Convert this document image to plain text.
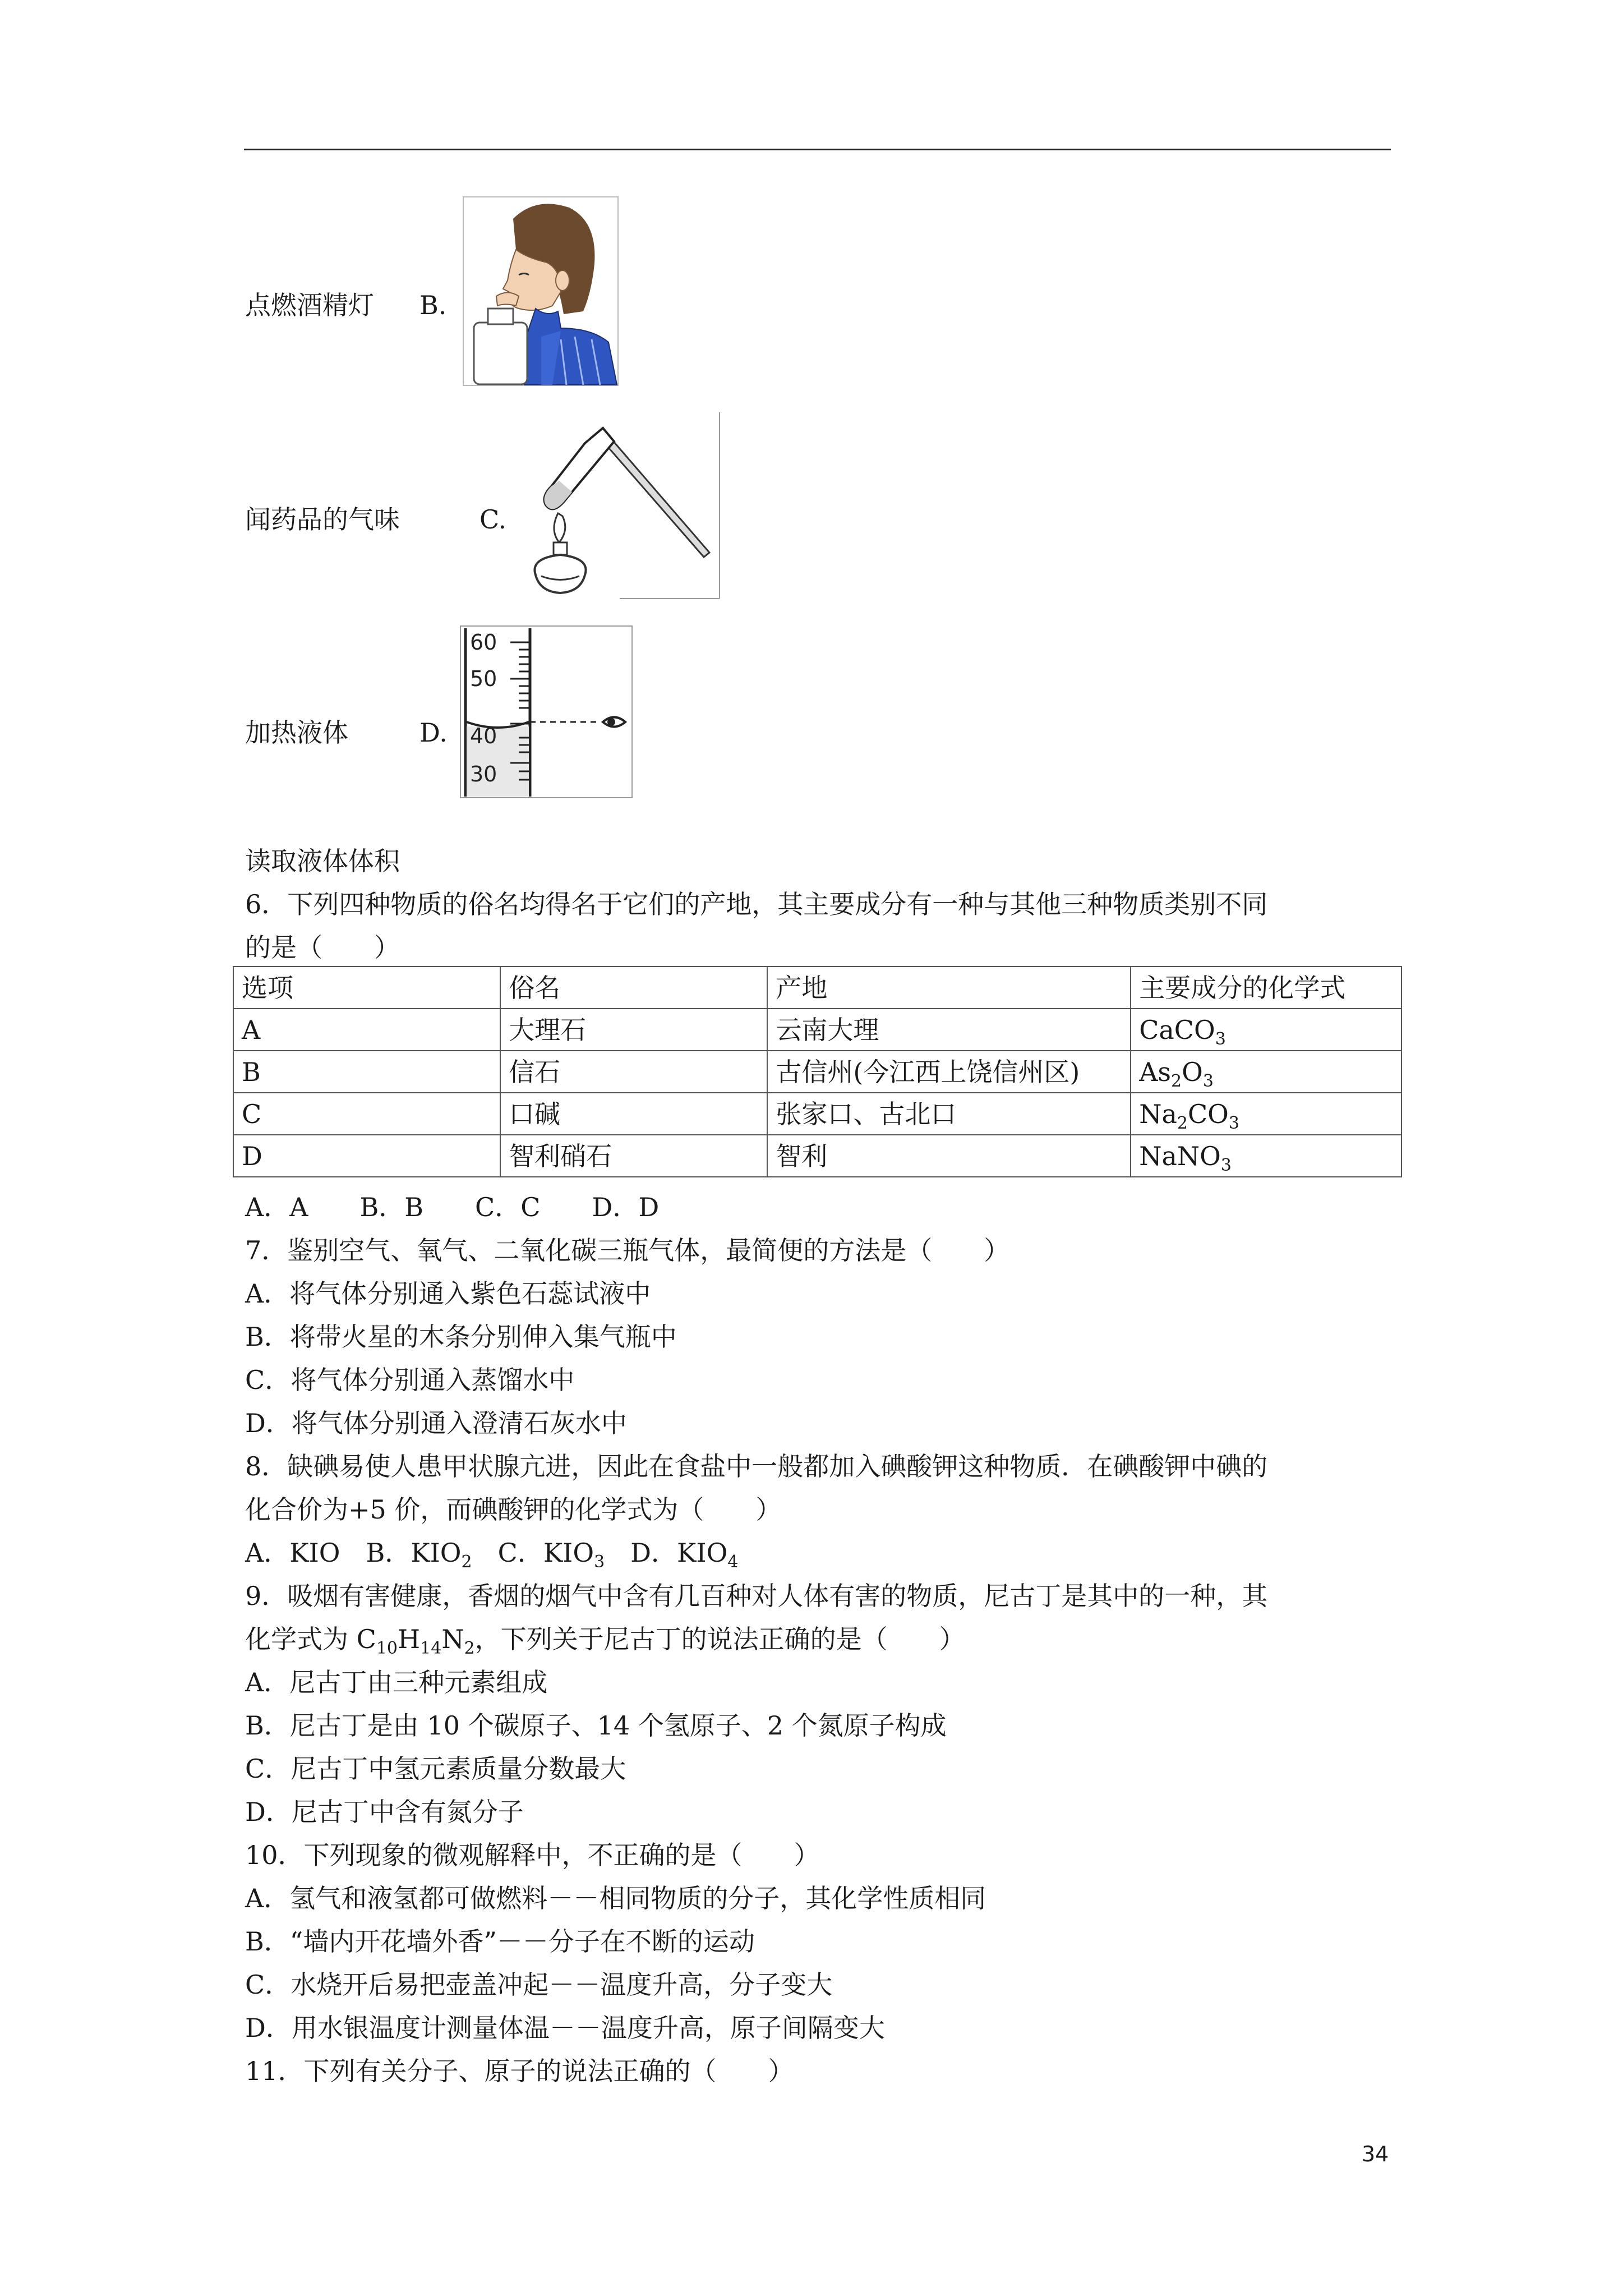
点燃酒精灯 B.
闻药品的气味	C.
加热液体	D.
60
50
40
30
读取液体体积
6．下列四种物质的俗名均得名于它们的产地，其主要成分有一种与其他三种物质类别不同
的是（　　）
选项	俗名	产地	主要成分的化学式
A	大理石	云南大理	CaCO$_3$
B	信石	古信州(今江西上饶信州区)	$As_2O_3$
C	口碱	张家口、古北口	$Na_2CO_3$
D	智利硝石	智利	NaNO$_3$
A．A　　B．B　　C．C　　D．D
7．鉴别空气、氧气、二氧化碳三瓶气体，最简便的方法是（　　）
A．将气体分别通入紫色石蕊试液中
B．将带火星的木条分别伸入集气瓶中
C．将气体分别通入蒸馏水中
D．将气体分别通入澄清石灰水中
8．缺碘易使人患甲状腺亢进，因此在食盐中一般都加入碘酸钾这种物质．在碘酸钾中碘的
化合价为+5 价，而碘酸钾的化学式为（　　）
A．KIO　B．$KIO_2$　 C．$KIO_3$　 D．$KIO_4$
9．吸烟有害健康，香烟的烟气中含有几百种对人体有害的物质，尼古丁是其中的一种，其
化学式为 $C_{10}H_{14}N_2$，下列关于尼古丁的说法正确的是（　　）
A．尼古丁由三种元素组成
B．尼古丁是由 10 个碳原子、14 个氢原子、2 个氮原子构成
C．尼古丁中氢元素质量分数最大
D．尼古丁中含有氮分子
10．下列现象的微观解释中，不正确的是（　　）
A．氢气和液氢都可做燃料－－相同物质的分子，其化学性质相同
B．“墙内开花墙外香”－－分子在不断的运动
C．水烧开后易把壶盖冲起－－温度升高，分子变大
D．用水银温度计测量体温－－温度升高，原子间隔变大
11．下列有关分子、原子的说法正确的（　　）
34
